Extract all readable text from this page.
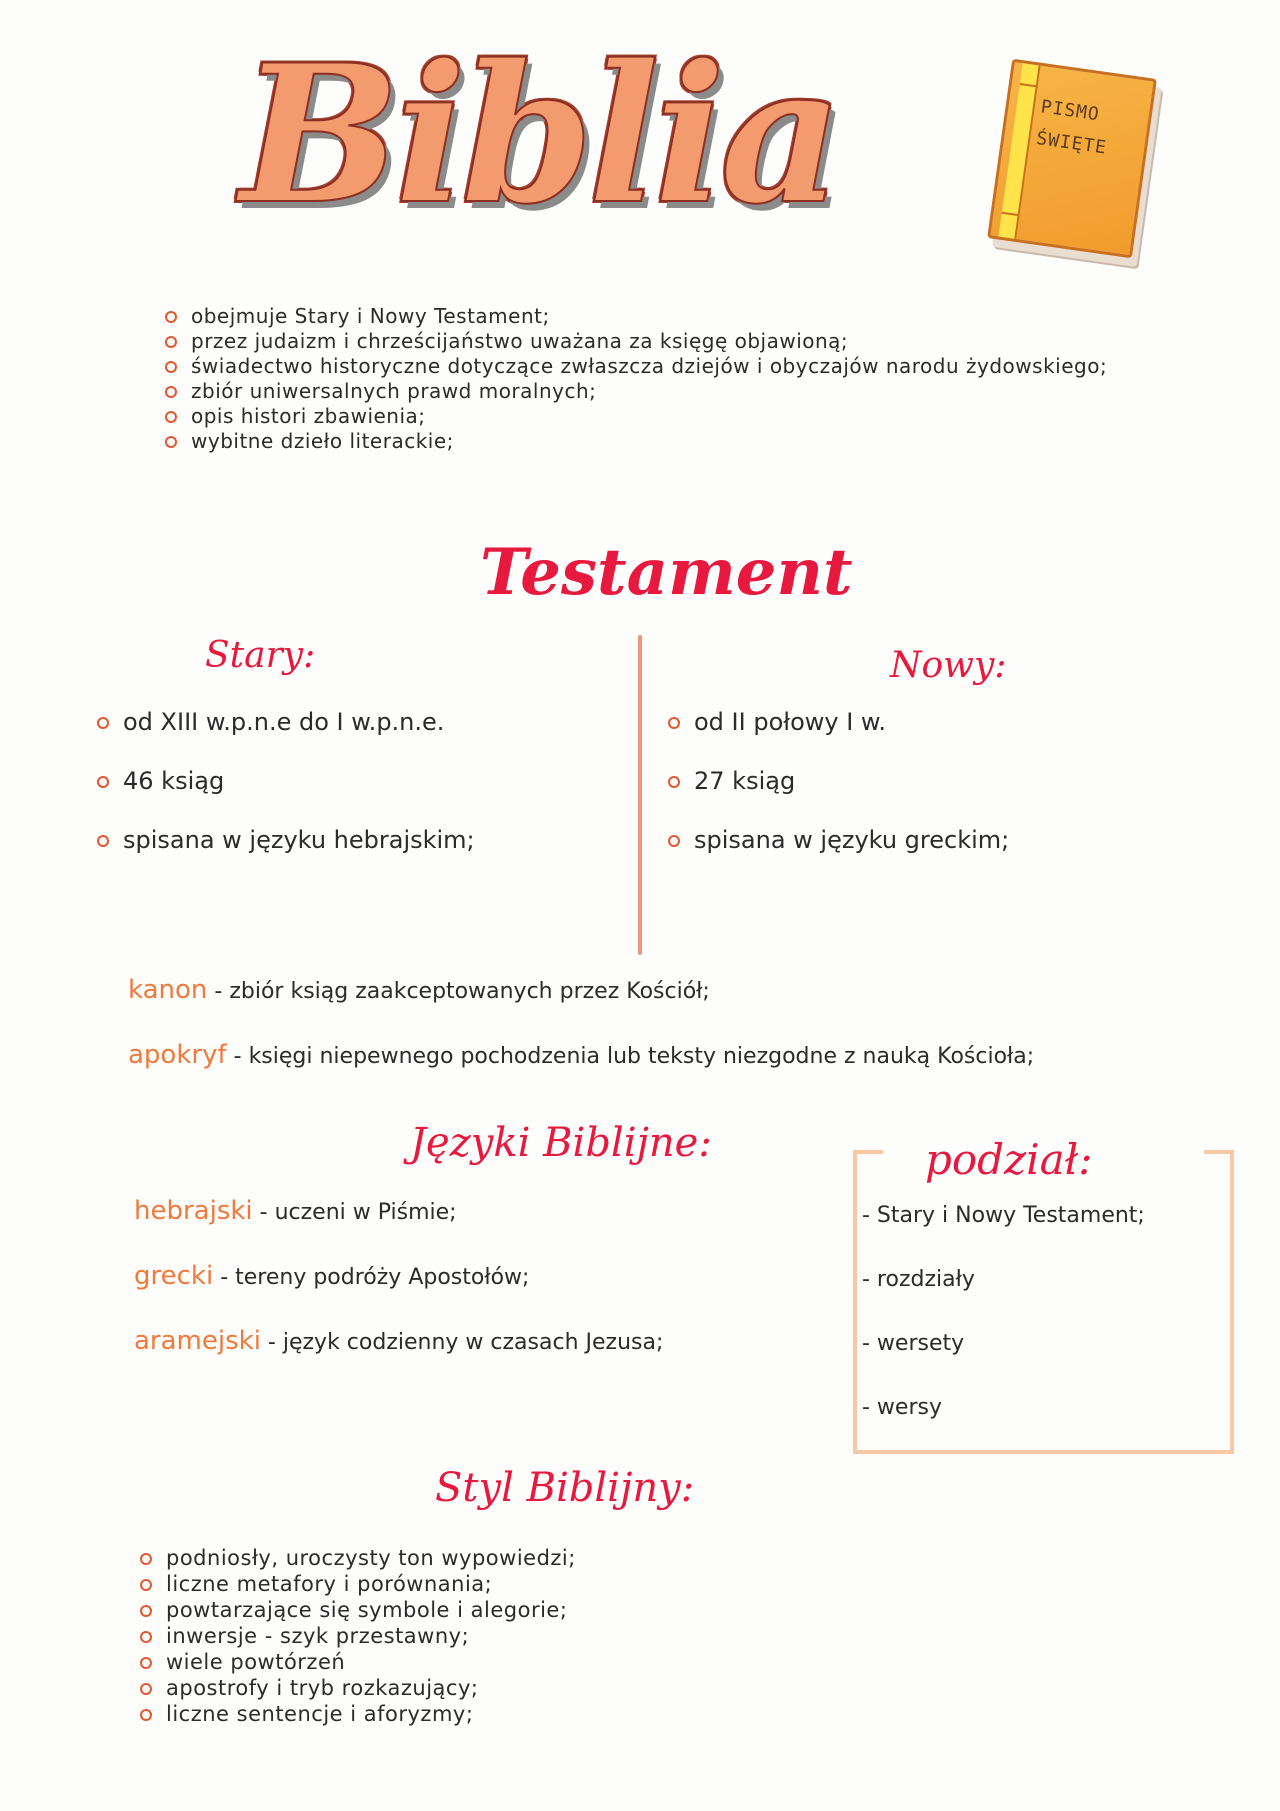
Biblia	PISMO
ŚWIĘTE
obejmuje Stary i Nowy Testament;
przez judaizm i chrześcijaństwo uważana za księgę objawioną;
świadectwo historyczne dotyczące zwłaszcza dziejów i obyczajów narodu żydowskiego;
zbiór uniwersalnych prawd moralnych;
opis histori zbawienia;
wybitne dzieło literackie;
Testament
Stary:	Nowy:
od XIII w.p.n.e do I w.p.n.e.
46 ksiąg
spisana w języku hebrajskim;
od II połowy I w.
27 ksiąg
spisana w języku greckim;
kanon - zbiór ksiąg zaakceptowanych przez Kościół;
apokryf - księgi niepewnego pochodzenia lub teksty niezgodne z nauką Kościoła;
Języki Biblijne:	podział:
hebrajski - uczeni w Piśmie;
grecki - tereny podróży Apostołów;
aramejski - język codzienny w czasach Jezusa;
- Stary i Nowy Testament;
- rozdziały
- wersety
- wersy
Styl Biblijny:
podniosły, uroczysty ton wypowiedzi;
liczne metafory i porównania;
powtarzające się symbole i alegorie;
inwersje - szyk przestawny;
wiele powtórzeń
apostrofy i tryb rozkazujący;
liczne sentencje i aforyzmy;
